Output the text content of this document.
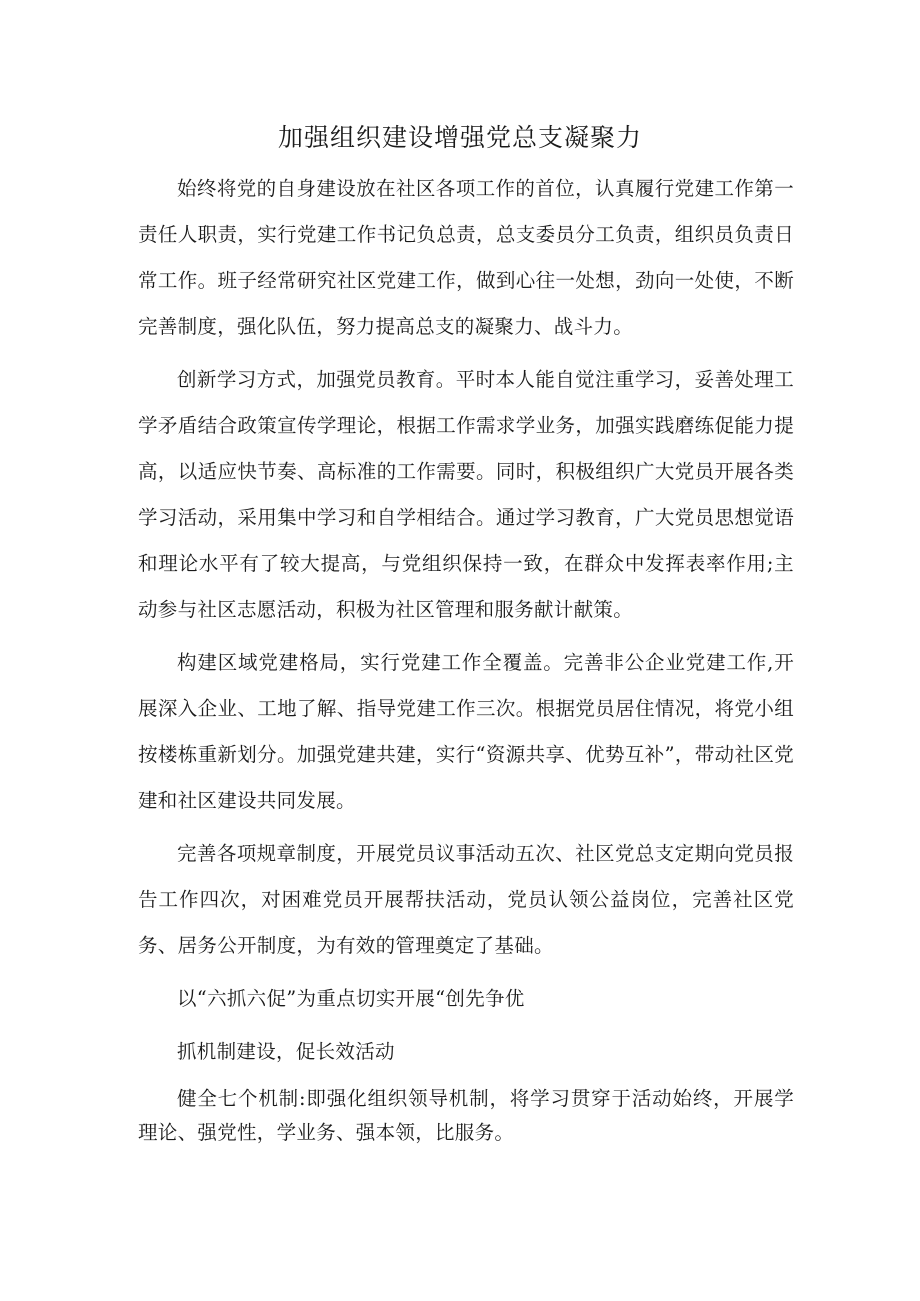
加强组织建设增强党总支凝聚力

始终将党的自身建设放在社区各项工作的首位，认真履行党建工作第一责任人职责，实行党建工作书记负总责，总支委员分工负责，组织员负责日常工作。班子经常研究社区党建工作，做到心往一处想，劲向一处使，不断完善制度，强化队伍，努力提高总支的凝聚力、战斗力。

创新学习方式，加强党员教育。平时本人能自觉注重学习，妥善处理工学矛盾结合政策宣传学理论，根据工作需求学业务，加强实践磨练促能力提高，以适应快节奏、高标准的工作需要。同时，积极组织广大党员开展各类学习活动，采用集中学习和自学相结合。通过学习教育，广大党员思想觉语和理论水平有了较大提高，与党组织保持一致，在群众中发挥表率作用;主动参与社区志愿活动，积极为社区管理和服务献计献策。

构建区域党建格局，实行党建工作全覆盖。完善非公企业党建工作,开展深入企业、工地了解、指导党建工作三次。根据党员居住情况，将党小组按楼栋重新划分。加强党建共建，实行“资源共享、优势互补”，带动社区党建和社区建设共同发展。

完善各项规章制度，开展党员议事活动五次、社区党总支定期向党员报告工作四次，对困难党员开展帮扶活动，党员认领公益岗位，完善社区党务、居务公开制度，为有效的管理奠定了基础。

以“六抓六促”为重点切实开展“创先争优

抓机制建设，促长效活动

健全七个机制:即强化组织领导机制，将学习贯穿于活动始终，开展学理论、强党性，学业务、强本领，比服务。
